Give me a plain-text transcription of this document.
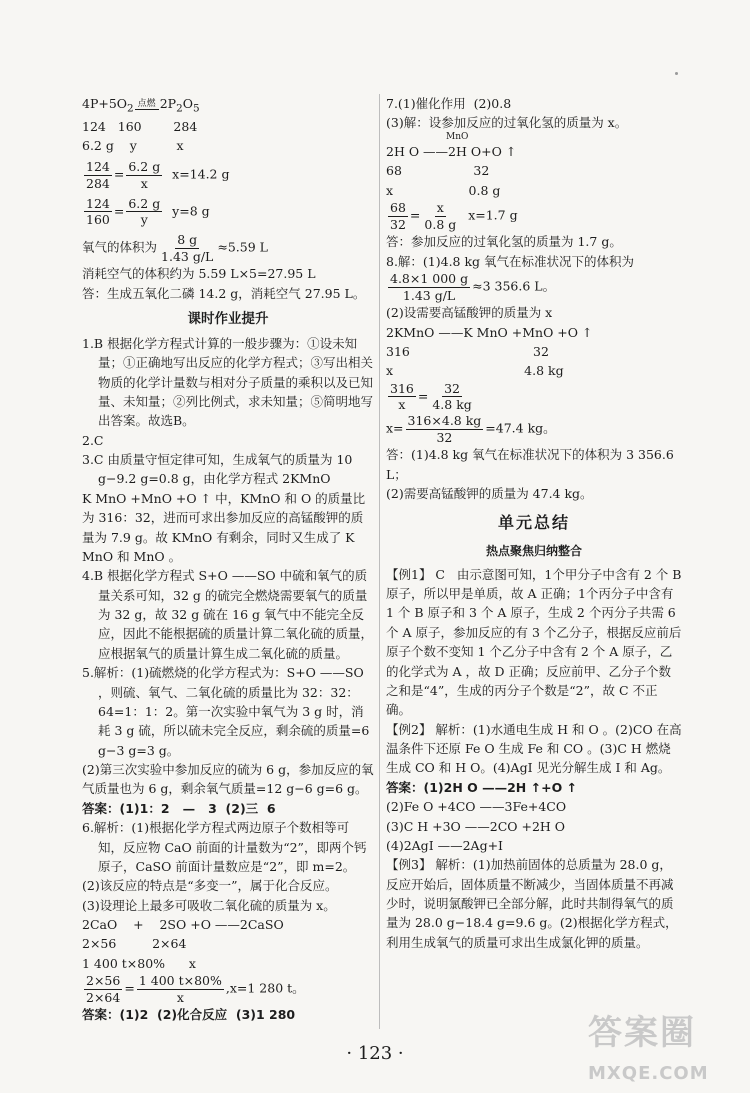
$4P+5O_2$ 点燃 $2P_2O_5$

124   160        284

6.2 g    y          x

$\frac{124}{284} = \frac{6.2 g}{x} x=14.2$ g

$\frac{124}{160} = \frac{6.2 g}{y} y=8$ g

氧气的体积为 $\frac{8 g}{1.43 g/L} \approx 5.59$ L

消耗空气的体积约为 5.59 L×5=27.95 L

答：生成五氧化二磷 14.2 g，消耗空气 27.95 L。

课时作业提升

1.B 根据化学方程式计算的一般步骤为：①设未知量；①正确地写出反应的化学方程式；③写出相关物质的化学计量数与相对分子质量的乘积以及已知量、未知量；②列比例式，求未知量；⑤简明地写出答案。故选B。

2.C

3.C 由质量守恒定律可知，生成氧气的质量为 10 g−9.2 g=0.8 g，由化学方程式 2KMnO

K MnO +MnO +O ↑ 中，KMnO 和 O 的质量比为 316：32，进而可求出参加反应的高锰酸钾的质量为 7.9 g。故 KMnO 有剩余，同时又生成了 K MnO 和 MnO 。

4.B 根据化学方程式 S+O ——SO 中硫和氧气的质量关系可知，32 g 的硫完全燃烧需要氧气的质量为 32 g，故 32 g 硫在 16 g 氧气中不能完全反应，因此不能根据硫的质量计算二氧化硫的质量，应根据氧气的质量计算生成二氧化硫的质量。

5.解析：(1)硫燃烧的化学方程式为：S+O ——SO ，则硫、氧气、二氧化硫的质量比为 32：32：64=1：1：2。第一次实验中氧气为 3 g 时，消耗 3 g 硫，所以硫未完全反应，剩余硫的质量=6 g−3 g=3 g。

(2)第三次实验中参加反应的硫为 6 g，参加反应的氧气质量也为 6 g，剩余氧气质量=12 g−6 g=6 g。

答案：(1)1：2   —   3  (2)三  6

6.解析：(1)根据化学方程式两边原子个数相等可知，反应物 CaO 前面的计量数为“2”，即两个钙原子，CaSO 前面计量数应是“2”，即 m=2。

(2)该反应的特点是“多变一”，属于化合反应。

(3)设理论上最多可吸收二氧化硫的质量为 x。

2CaO    +    2SO +O ——2CaSO

2×56         2×64

1 400 t×80%      x

$\frac{2\times 56}{2\times 64} = \frac{1 400 t\times 80\%}{x} ,x=1$ 280 t。

答案：(1)2  (2)化合反应  (3)1 280

7.(1)催化作用  (2)0.8

(3)解：设参加反应的过氧化氢的质量为 x。

MnO

2H O ——2H O+O ↑

68                  32

x                   0.8 g

$\frac{68}{32} = \frac{x}{0.8 g} x=1.7$ g

答：参加反应的过氧化氢的质量为 1.7 g。

8.解：(1)4.8 kg 氧气在标准状况下的体积为

$\frac{4.8\times 1 000 g}{1.43 g/L} \approx 3$ 356.6 L。

(2)设需要高锰酸钾的质量为 x

2KMnO ——K MnO +MnO +O ↑

316                               32

x                                 4.8 kg

$\frac{316}{x} = \frac{32}{4.8 kg}$

$x= \frac{316\times 4.8 kg}{32} =47.4$ kg。

答：(1)4.8 kg 氧气在标准状况下的体积为 3 356.6 L；

(2)需要高锰酸钾的质量为 47.4 kg。

单元总结
热点聚焦归纳整合

【例1】 C   由示意图可知，1个甲分子中含有 2 个 B 原子，所以甲是单质，故 A 正确；1个丙分子中含有 1 个 B 原子和 3 个 A 原子，生成 2 个丙分子共需 6 个 A 原子，参加反应的有 3 个乙分子，根据反应前后原子个数不变知 1 个乙分子中含有 2 个 A 原子，乙的化学式为 A ，故 D 正确；反应前甲、乙分子个数之和是“4”，生成的丙分子个数是“2”，故 C 不正确。

【例2】 解析：(1)水通电生成 H 和 O 。(2)CO 在高温条件下还原 Fe O 生成 Fe 和 CO 。(3)C H 燃烧生成 CO 和 H O。(4)AgI 见光分解生成 I 和 Ag。

答案：(1)2H O ——2H ↑+O ↑

(2)Fe O +4CO ——3Fe+4CO

(3)C H +3O ——2CO +2H O

(4)2AgI ——2Ag+I

【例3】 解析：(1)加热前固体的总质量为 28.0 g，反应开始后，固体质量不断减少，当固体质量不再减少时，说明氯酸钾已全部分解，此时共制得氧气的质量为 28.0 g−18.4 g=9.6 g。(2)根据化学方程式，利用生成氧气的质量可求出生成氯化钾的质量。

· 123 ·
答案圈
MXQE.COM
